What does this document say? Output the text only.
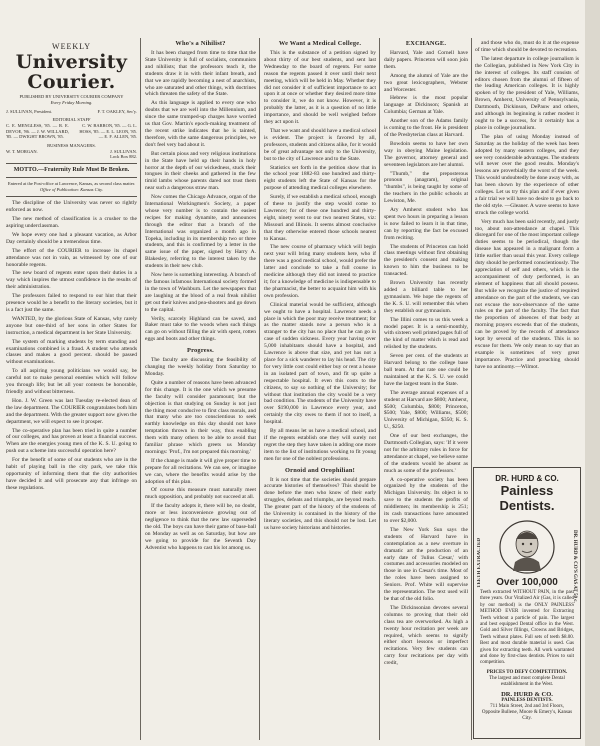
WEEKLY
University Courier.
PUBLISHED BY UNIVERSITY COURIER COMPANY
Every Friday Morning.
J. SULLIVAN, President.	F. T. OAKLEY, Sec'y.
EDITORIAL STAFF
C. E. MENGLESS, '85. — R. E. DEVOE, '86. — J. W. WILLARD, '85. — DWIGHT BROWN, '85.
C. W. BARRON, '85. — G. L. HOSS, '85. — E. L. LEON, '85. — E. F. ALLEN, '85.
BUSINESS MANAGERS.
W. T. MORGAN.	J. SULLIVAN.
Lock Box 882.
MOTTO.—Fraternity Rule Must Be Broken.
Entered at the Post-office at Lawrence, Kansas, as second class matter.
Office of Publication: Kansas City.

The discipline of the University was never so rightly enforced as now.

The new method of classification is a crusher to the aspiring underclassman.

We hope every one had a pleasant vacation, as Arbor Day certainly should be a tremendous time.

The effort of the COURIER to increase its chapel attendance was not in vain, as witnessed by one of our honorable regents.

The new board of regents enter upon their duties in a way which inspires the utmost confidence in the results of their administration.

The professors failed to respond to our hint that their presence would be a benefit to the literary societies, but it is a fact just the same.

WANTED, by the glorious State of Kansas, why rarely anyone but one-third of her sons in other States for instruction, a medical department in her State University.

The system of marking students by term standing and examinations combined is a fraud. A student who attends classes and makes a good percent. should be passed without examinations.

To all aspiring young politicians we would say, be careful not to make personal enemies which will follow you through life; but let all your contests be honorable, friendly and without bitterness.

Hon. J. W. Green was last Tuesday re-elected dean of the law department. The COURIER congratulates both him and the department. With the greater support now given the department, we will expect to see it prosper.

The co-operative plan has been tried in quite a number of our colleges, and has proven at least a financial success. When are the energies young men of the K. S. U. going to push out a scheme into successful operation here?

For the benefit of some of our students who are in the habit of playing ball in the city park, we take this opportunity of informing them that the city authorities have decided it and will prosecute any that infringe on these regulations.

Who's a Nihilist?

It has been charged from time to time that the State University is full of socialists, communists and nihilists; that the professors teach it, the students draw it in with their infant breath, and that we are rapidly becoming a nest of anarchists, who are saturated and other things, with doctrines which threaten the safety of the State.

As this language is applied to every one who doubts that we are well into the Millennium, and since the same trumped-up charges have worried us that Gov. Martin's epoch-making treatment of the recent strike indicates that he is tainted, therefore, with the same dangerous principles, we don't feel very bad about it.

But certain pious and very religious institutions in the State have held up their hands in holy horror at the depth of our wickedness, stuck their tongues in their cheeks and gathered in the few timid lambs whose parents dared not trust them near such a dangerous straw man.

Now comes the Chicago Advance, organ of the International Workingmen's Society, a paper whose very number is to contain the easiest recipes for making dynamite, and announces through the editor that a branch of the International was organized a month ago in Topeka, including in its membership two or three students, and this is confirmed by a letter in the same issue of the paper, signed by Harry A. Blakesley, referring to the interest taken by the students in their new club.

Now here is something interesting. A branch of the famous infamous International society formed in the town of Washburn. Let the newspapers that are laughing at the blood of a real freak nihilist get out their knives and pea-shooters and go down to the capital.

Verily, scarcely Highland can be saved, and Baker must take to the woods when such things can go on without filling the air with spent, rotten eggs and boots and other things.

Progress.

The faculty are discussing the feasibility of changing the weekly holiday from Saturday to Monday.

Quite a number of reasons have been advanced for this change. It is the one which we presume the faculty will consider paramount; but the objection is that studying on Sunday is not just the thing most conducive to first class morals, and that many who are too conscientious to seek earthly knowledge on this day should not have temptation thrown in their way, thus enabling them with many others to be able to avoid that familiar phrase which greets us Monday mornings: 'Prof., I'm not prepared this morning.'

If the change is made it will give proper time to prepare for all recitations. We can see, or imagine we can, where the benefits would arise by the adoption of this plan.

Of course this measure must naturally meet much opposition, and probably not succeed at all.

If the faculty adopts it, there will be, no doubt, more or less inconvenience growing out of negligence to think that the new law superseded the old. The boys can have their game of base-ball on Monday as well as on Saturday, but how are we going to provide for the Seventh Day Adventist who happens to cast his lot among us.

We Want a Medical College.

This is the substance of a petition signed by about thirty of our best students, and sent last Wednesday to the board of regents. For some reason the regents passed it over until their next meeting, which will be held in May. Whether they did not consider it of sufficient importance to act upon it at once or whether they desired more time to consider it, we do not know. However, it is probably the latter, as it is a question of no little importance, and should be well weighed before they act upon it.

That we want and should have a medical school is evident. The project is favored by all, professors, students and citizens alike, for it would be of great advantage not only to the University, but to the city of Lawrence and to the State.

Statistics set forth in the petition show that in the school year 1882-83 one hundred and thirty-eight students left the State of Kansas for the purpose of attending medical colleges elsewhere.

Surely, if we establish a medical school, enough of these to justify the step would come to Lawrence; for of these one hundred and thirty-eight, ninety went to our two nearest States, viz: Missouri and Illinois. It seems almost conclusive that they otherwise entered those schools nearest to Kansas.

The new course of pharmacy which will begin next year will bring many students here, who if there was a good medical school, would prefer the latter and conclude to take a full course in medicine although they did not intend to practice it; for a knowledge of medicine is indispensable to the pharmacist, the better to acquaint him with his own profession.

Clinical material would be sufficient, although we ought to have a hospital. Lawrence needs a place in which the poor may receive treatment; for as the matter stands now a person who is a stranger to the city has no place that he can go in case of sudden sickness. Every year having over 5,000 inhabitants should have a hospital, and Lawrence is above that size, and yet has not a place for a sick wanderer to lay his head. The city for very little cost could either buy or rent a house in an isolated part of town, and fit up quite a respectable hospital. It even this costs to the citizens, to say so nothing of the University; for without that institution the city would be a very bad condition. The students of the University have over $190,000 in Lawrence every year, and certainly the city owes to them if not to itself, a hospital.

By all means let us have a medical school, and if the regents establish one they will surely not regret the step they have taken in adding one more item to the list of institutions working to fit young men for one of the noblest professions.

Ornoid and Orophilian!

It is not time that the societies should prepare accurate histories of themselves? This should be done before the men who know of their early struggles, defeats and triumphs, are beyond reach. The greater part of the history of the students of the University is contained in the history of the literary societies, and this should not be lost. Let us have society historians and histories.

EXCHANGE.

Harvard, Yale and Cornell have daily papers. Princeton will soon join them.

Among the alumni of Yale are the two great lexicographers, Webster and Worcester.

Hebrew is the most popular language at Dickinson; Spanish at Columbia; German at Yale.

Another son of the Adams family is coming to the front. He is president of the Presbyterian class at Harvard.

Bowdoin seems to have her own way in obeying Maine legislation. The governor, attorney general and seventeen legislators are her alumni.

"Thumb," the preposterous pronoun (anagram), original "thumbs", is being taught by some of the teachers in the public schools at Lewiston, Me.

Ary Amherst student who has spent two hours in preparing a lesson is now failed to learn it in that time, can by reporting the fact be excused from reciting.

The students of Princeton can hold class meetings without first obtaining the president's consent and making known to him the business to be transacted.

Brown University has recently added a billiard table to her gymnasium. We hope the regents of the K. S. U. will remember this when they establish our gymnasium.

The Illini comes to us this week a model paper. It is a semi-monthly, with sixteen well printed pages full of the kind of matter which is read and relished by the students.

Seven per cent. of the students at Harvard belong to the college base ball team. At that rate one could be maintained at the K. S. U. we could have the largest team in the State.

The average annual expenses of a student at Harvard are $800; Amherst, $500; Columbia, $800; Princeton, $500; Yale, $800; Williams, $500; University of Michigan, $350; K. S. U., $250.

One of our best exchanges, the Dartmouth Collegian, says: 'If it were not for the arbitrary rules in force for attendance at chapel, we believe some of the students would be absent as much as some of the professors.'

A co-operative society has been organized by the students of the Michigan University. Its object is to save to the students the profits of middlemen; its membership is 251; its cash transactions have amounted to over $2,000.

The New York Sun says the students of Harvard have in contemplation as a new overture in dramatic art the production of an early date of 'Julius Cæsar,' with costumes and accessories modeled on those in use in Cæsar's time. Most of the roles have been assigned to Seniors. Prof. White will supervise the representation. The text used will be that of the old folio.

The Dickinsonian devotes several columns to proving that their old class tea are overworked. As high a twenty hour recitation per week are required, which seems to signify either short lessons or imperfect recitations. Very few students can carry four recitations per day with credit,

and those who do, must do it at the expense of time which should be devoted to recreation.

The latest departure in college journalism is the Collegian, published in New York City in the interest of colleges. Its staff consists of editors chosen from the alumni of fifteen of the leading American colleges. It is highly spoken of by the president of Yale, Williams, Brown, Amherst, University of Pennsylvania, Dartmouth, Dickinson, DePauw and others, and although its beginning is rather modest it ought to be a success, for it certainly has a place in college journalism.

The plan of using Monday instead of Saturday as the holiday of the week has been adopted by many eastern colleges, and they see very considerable advantages. The students will never over the good results. Monday's lessons are proverbially the worst of the week. This would undoubtedly be done away with, as has been shown by the experience of other colleges. Let us try this plan and if ever given a fair trial we will have no desire to go back to the old style. —Gleaner. A wave seems to have struck the college world.

Very much has been said recently, and justly too, about non-attendance at chapel. This disregard for one of the most important college duties seems to be periodical, though the disease has appeared in a malignant form a little earlier than usual this year. Every college duty should be performed conscientiously. The appreciation of self and others, which is the accompaniment of duty performed, is an element of happiness that all should possess. But while we recognize the justice of required attendance on the part of the students, we can not excuse the non-observance of the same rules on the part of the faculty. The fact that the proportion of absences of that body at morning prayers exceeds that of the students, can be proved by the records of attendance kept by several of the students. This is no excuse for them. We only mean to say that an example is sometimes of very great importance. Practice and preaching should have no antinomy.—Wilmot.

DR. HURD & CO.
Painless Dentists.
TEETH EXTRACTED	DR. HURD & CO'S GAS AT 50 c.
Over 100,000
Teeth extracted WITHOUT PAIN, in the past three years. Our Vitalized Air (Gas, it is called by our method) is the ONLY PAINLESS METHOD EVER invented for Extracting Teeth without a particle of pain. The largest and best equipped Dental office in the West. Gold and Silver fillings, Crowns and Bridges, Teeth without plates. Full sets of teeth $8.00. Best and most durable material is used. Gas given for extracting teeth. All work warranted and done by first-class dentists. Prices to suit competition.
PRICES TO DEFY COMPETITION.
The largest and most complete Dental establishment in the West.
DR. HURD & CO.
PAINLESS DENTISTS.
711 Main Street, 2nd and 3rd Floors,
Opposite Bullene, Moore & Emery's, Kansas City.
